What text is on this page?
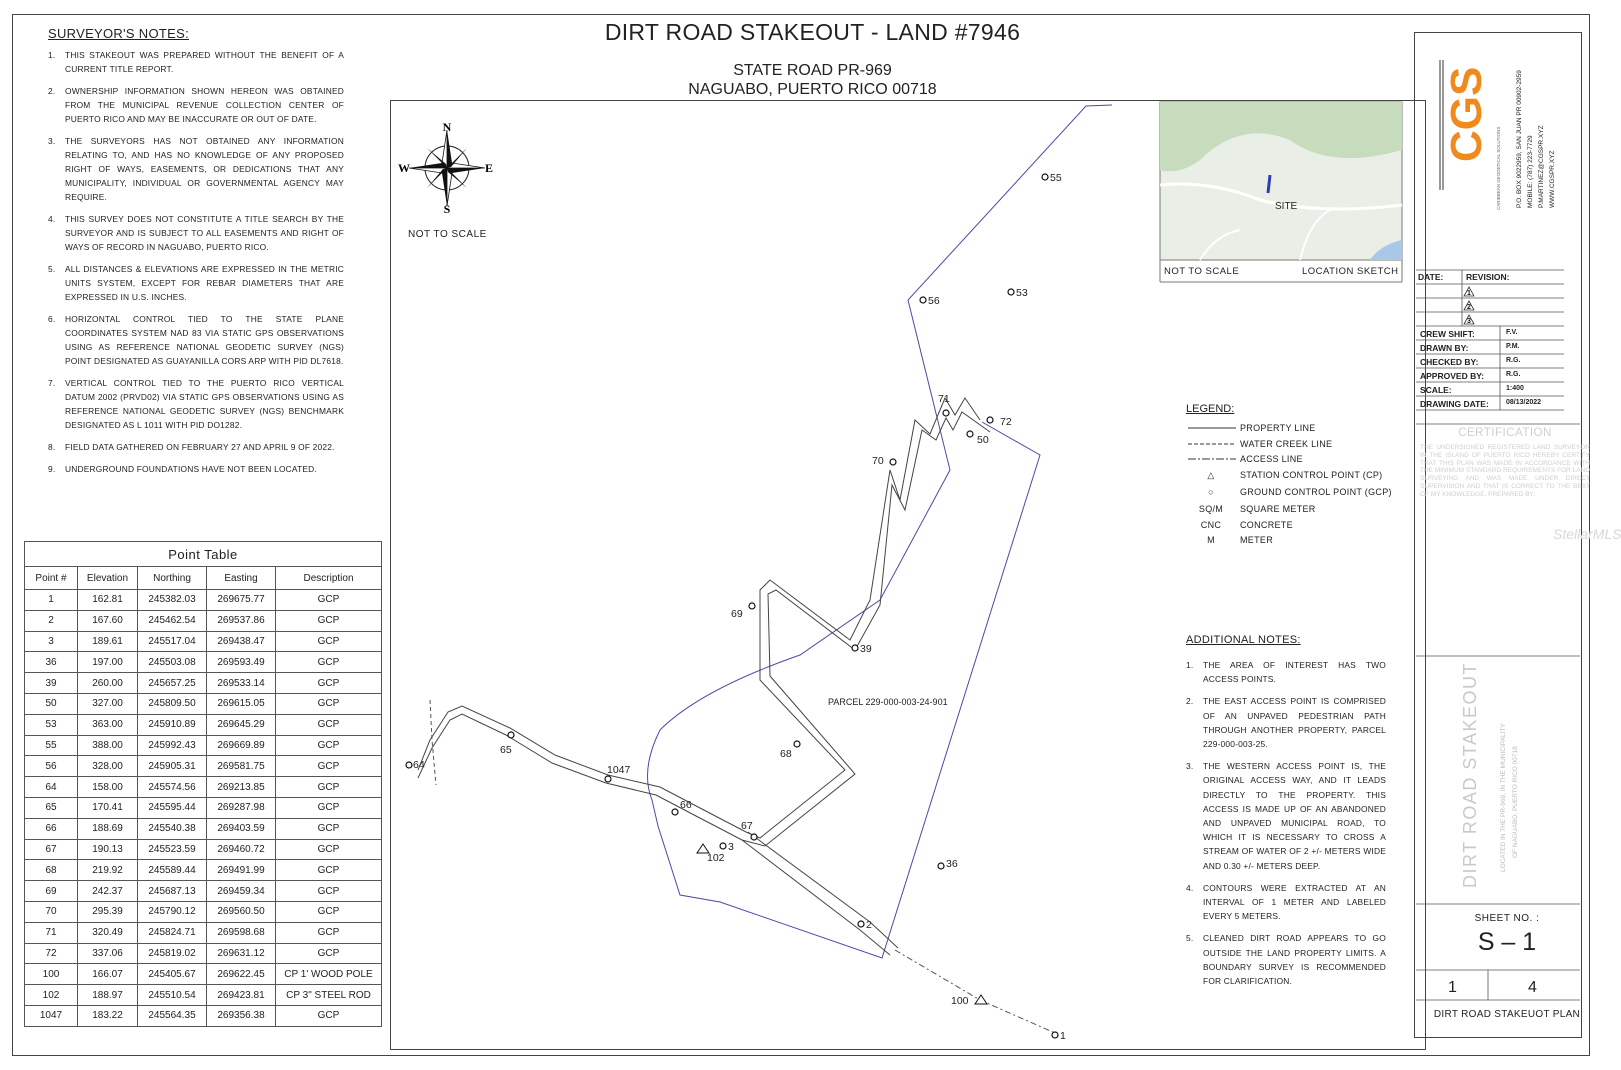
SURVEYOR'S NOTES:
1. THIS STAKEOUT WAS PREPARED WITHOUT THE BENEFIT OF A CURRENT TITLE REPORT.
2. OWNERSHIP INFORMATION SHOWN HEREON WAS OBTAINED FROM THE MUNICIPAL REVENUE COLLECTION CENTER OF PUERTO RICO AND MAY BE INACCURATE OR OUT OF DATE.
3. THE SURVEYORS HAS NOT OBTAINED ANY INFORMATION RELATING TO, AND HAS NO KNOWLEDGE OF ANY PROPOSED RIGHT OF WAYS, EASEMENTS, OR DEDICATIONS THAT ANY MUNICIPALITY, INDIVIDUAL OR GOVERNMENTAL AGENCY MAY REQUIRE.
4. THIS SURVEY DOES NOT CONSTITUTE A TITLE SEARCH BY THE SURVEYOR AND IS SUBJECT TO ALL EASEMENTS AND RIGHT OF WAYS OF RECORD IN NAGUABO, PUERTO RICO.
5. ALL DISTANCES & ELEVATIONS ARE EXPRESSED IN THE METRIC UNITS SYSTEM, EXCEPT FOR REBAR DIAMETERS THAT ARE EXPRESSED IN U.S. INCHES.
6. HORIZONTAL CONTROL TIED TO THE STATE PLANE COORDINATES SYSTEM NAD 83 VIA STATIC GPS OBSERVATIONS USING AS REFERENCE NATIONAL GEODETIC SURVEY (NGS) POINT DESIGNATED AS GUAYANILLA CORS ARP WITH PID DL7618.
7. VERTICAL CONTROL TIED TO THE PUERTO RICO VERTICAL DATUM 2002 (PRVD02) VIA STATIC GPS OBSERVATIONS USING AS REFERENCE NATIONAL GEODETIC SURVEY (NGS) BENCHMARK DESIGNATED AS L 1011 WITH PID DO1282.
8. FIELD DATA GATHERED ON FEBRUARY 27 AND APRIL 9 OF 2022.
9. UNDERGROUND FOUNDATIONS HAVE NOT BEEN LOCATED.
Point Table				
Point #	Elevation	Northing	Easting	Description
1	162.81	245382.03	269675.77	GCP
2	167.60	245462.54	269537.86	GCP
3	189.61	245517.04	269438.47	GCP
36	197.00	245503.08	269593.49	GCP
39	260.00	245657.25	269533.14	GCP
50	327.00	245809.50	269615.05	GCP
53	363.00	245910.89	269645.29	GCP
55	388.00	245992.43	269669.89	GCP
56	328.00	245905.31	269581.75	GCP
64	158.00	245574.56	269213.85	GCP
65	170.41	245595.44	269287.98	GCP
66	188.69	245540.38	269403.59	GCP
67	190.13	245523.59	269460.72	GCP
68	219.92	245589.44	269491.99	GCP
69	242.37	245687.13	269459.34	GCP
70	295.39	245790.12	269560.50	GCP
71	320.49	245824.71	269598.68	GCP
72	337.06	245819.02	269631.12	GCP
100	166.07	245405.67	269622.45	CP 1' WOOD POLE
102	188.97	245510.54	269423.81	CP 3" STEEL ROD
1047	183.22	245564.35	269356.38	GCP
DIRT ROAD STAKEOUT - LAND #7946
STATE ROAD PR-969
NAGUABO, PUERTO RICO 00718
N
S
E
W
SITE
55
53
56
71
72
50
70
69
39
68
65
64	1047
66
67
3
102	36
2
100
1
PARCEL 229-000-003-24-901
CGS
CARIBBEAN GEODETICAL SOLUTIONS P.O. BOX 9022959, SAN JUAN PR 00902-2959 MOBILE: (787) 223-7729 P.MARTINEZ@CGSPR.XYZ WWW.CGSPR.XYZ
1
2
3
DIRT ROAD STAKEOUT	LOCATED IN THE PR-969, IN THE MUNICIPALITY OF NAGUABO, PUERTO RICO 00718
NOT TO SCALE
NOT TO SCALE	LOCATION SKETCH
LEGEND:
PROPERTY LINE
WATER CREEK LINE
ACCESS LINE
△	STATION CONTROL POINT (CP)
○	GROUND CONTROL POINT (GCP)
SQ/M	SQUARE METER
CNC	CONCRETE
M	METER
ADDITIONAL NOTES:
1. THE AREA OF INTEREST HAS TWO ACCESS POINTS.
2. THE EAST ACCESS POINT IS COMPRISED OF AN UNPAVED PEDESTRIAN PATH THROUGH ANOTHER PROPERTY, PARCEL 229-000-003-25.
3. THE WESTERN ACCESS POINT IS, THE ORIGINAL ACCESS WAY, AND IT LEADS DIRECTLY TO THE PROPERTY. THIS ACCESS IS MADE UP OF AN ABANDONED AND UNPAVED MUNICIPAL ROAD, TO WHICH IT IS NECESSARY TO CROSS A STREAM OF WATER OF 2 +/- METERS WIDE AND 0.30 +/- METERS DEEP.
4. CONTOURS WERE EXTRACTED AT AN INTERVAL OF 1 METER AND LABELED EVERY 5 METERS.
5. CLEANED DIRT ROAD APPEARS TO GO OUTSIDE THE LAND PROPERTY LIMITS. A BOUNDARY SURVEY IS RECOMMENDED FOR CLARIFICATION.
DATE:	REVISION:
CREW SHIFT:	F.V.
DRAWN BY:	P.M.
CHECKED BY:	R.G.
APPROVED BY:	R.G.
SCALE:	1:400
DRAWING DATE: 08/13/2022
CERTIFICATION
THE UNDERSIGNED REGISTERED LAND SURVEYOR IN THE ISLAND OF PUERTO RICO HEREBY CERTIFY THAT THIS PLAN WAS MADE IN ACCORDANCE WITH THE MINIMUM STANDARD REQUIREMENTS FOR LAND SURVEYING AND WAS MADE UNDER DIRECT SUPERVISION AND THAT IS CORRECT TO THE BEST OF MY KNOWLEDGE. PREPARED BY:
SHEET NO. :
S – 1
1	4
DIRT ROAD STAKEUOT PLAN
StellarMLS
